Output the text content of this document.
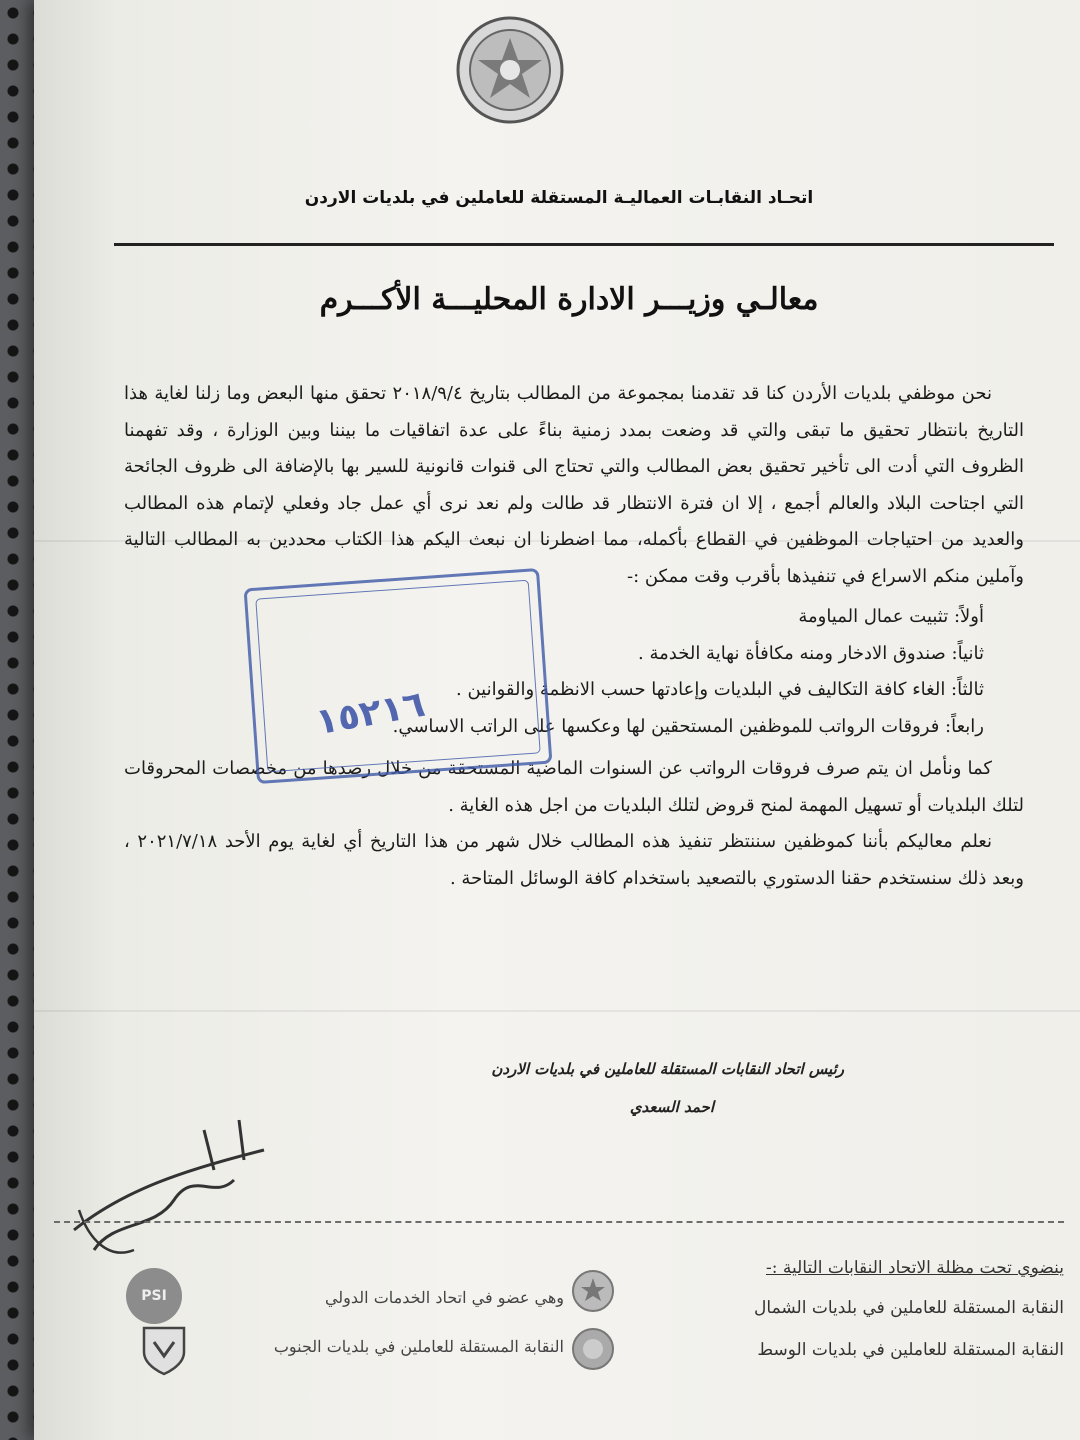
اتحـاد النقابـات العماليـة المستقلة للعاملين في بلديات الاردن
معالـي وزيـــر الادارة المحليـــة الأكـــرم

نحن موظفي بلديات الأردن كنا قد تقدمنا بمجموعة من المطالب بتاريخ ٢٠١٨/٩/٤ تحقق منها البعض وما زلنا لغاية هذا التاريخ بانتظار تحقيق ما تبقى والتي قد وضعت بمدد زمنية بناءً على عدة اتفاقيات ما بيننا وبين الوزارة ، وقد تفهمنا الظروف التي أدت الى تأخير تحقيق بعض المطالب والتي تحتاج الى قنوات قانونية للسير بها بالإضافة الى ظروف الجائحة التي اجتاحت البلاد والعالم أجمع ، إلا ان فترة الانتظار قد طالت ولم نعد نرى أي عمل جاد وفعلي لإتمام هذه المطالب والعديد من احتياجات الموظفين في القطاع بأكمله، مما اضطرنا ان نبعث اليكم هذا الكتاب محددين به المطالب التالية وآملين منكم الاسراع في تنفيذها بأقرب وقت ممكن :-

أولاً: تثبيت عمال المياومة
ثانياً: صندوق الادخار ومنه مكافأة نهاية الخدمة .
ثالثاً: الغاء كافة التكاليف في البلديات وإعادتها حسب الانظمة والقوانين .
رابعاً: فروقات الرواتب للموظفين المستحقين لها وعكسها على الراتب الاساسي.

كما ونأمل ان يتم صرف فروقات الرواتب عن السنوات الماضية المستحقة من خلال رصدها من مخصصات المحروقات لتلك البلديات أو تسهيل المهمة لمنح قروض لتلك البلديات من اجل هذه الغاية .

نعلم معاليكم بأننا كموظفين سننتظر تنفيذ هذه المطالب خلال شهر من هذا التاريخ أي لغاية يوم الأحد ٢٠٢١/٧/١٨ ، وبعد ذلك سنستخدم حقنا الدستوري بالتصعيد باستخدام كافة الوسائل المتاحة .

١٥٢١٦
رئيس اتحاد النقابات المستقلة للعاملين في بلديات الاردن
احمد السعدي
ينضوي تحت مظلة الاتحاد النقابات التالية :-
النقابة المستقلة للعاملين في بلديات الشمال
النقابة المستقلة للعاملين في بلديات الوسط
وهي عضو في اتحاد الخدمات الدولي
النقابة المستقلة للعاملين في بلديات الجنوب
PSI
